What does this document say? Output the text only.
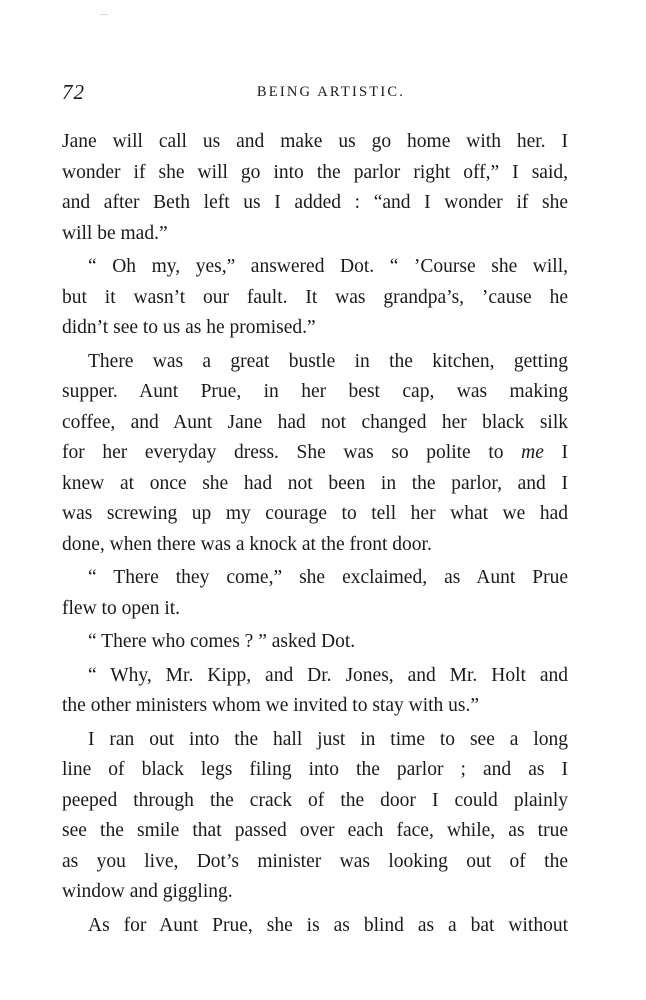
72	BEING ARTISTIC.
Jane will call us and make us go home with her. I
wonder if she will go into the parlor right off,” I said,
and after Beth left us I added : “and I wonder if she
will be mad.”
“ Oh my, yes,” answered Dot. “ ’Course she will,
but it wasn’t our fault. It was grandpa’s, ’cause he
didn’t see to us as he promised.”
There was a great bustle in the kitchen, getting
supper. Aunt Prue, in her best cap, was making
coffee, and Aunt Jane had not changed her black silk
for her everyday dress. She was so polite to me I
knew at once she had not been in the parlor, and I
was screwing up my courage to tell her what we had
done, when there was a knock at the front door.
“ There they come,” she exclaimed, as Aunt Prue
flew to open it.
“ There who comes ? ” asked Dot.
“ Why, Mr. Kipp, and Dr. Jones, and Mr. Holt and
the other ministers whom we invited to stay with us.”
I ran out into the hall just in time to see a long
line of black legs filing into the parlor ; and as I
peeped through the crack of the door I could plainly
see the smile that passed over each face, while, as true
as you live, Dot’s minister was looking out of the
window and giggling.
As for Aunt Prue, she is as blind as a bat without
